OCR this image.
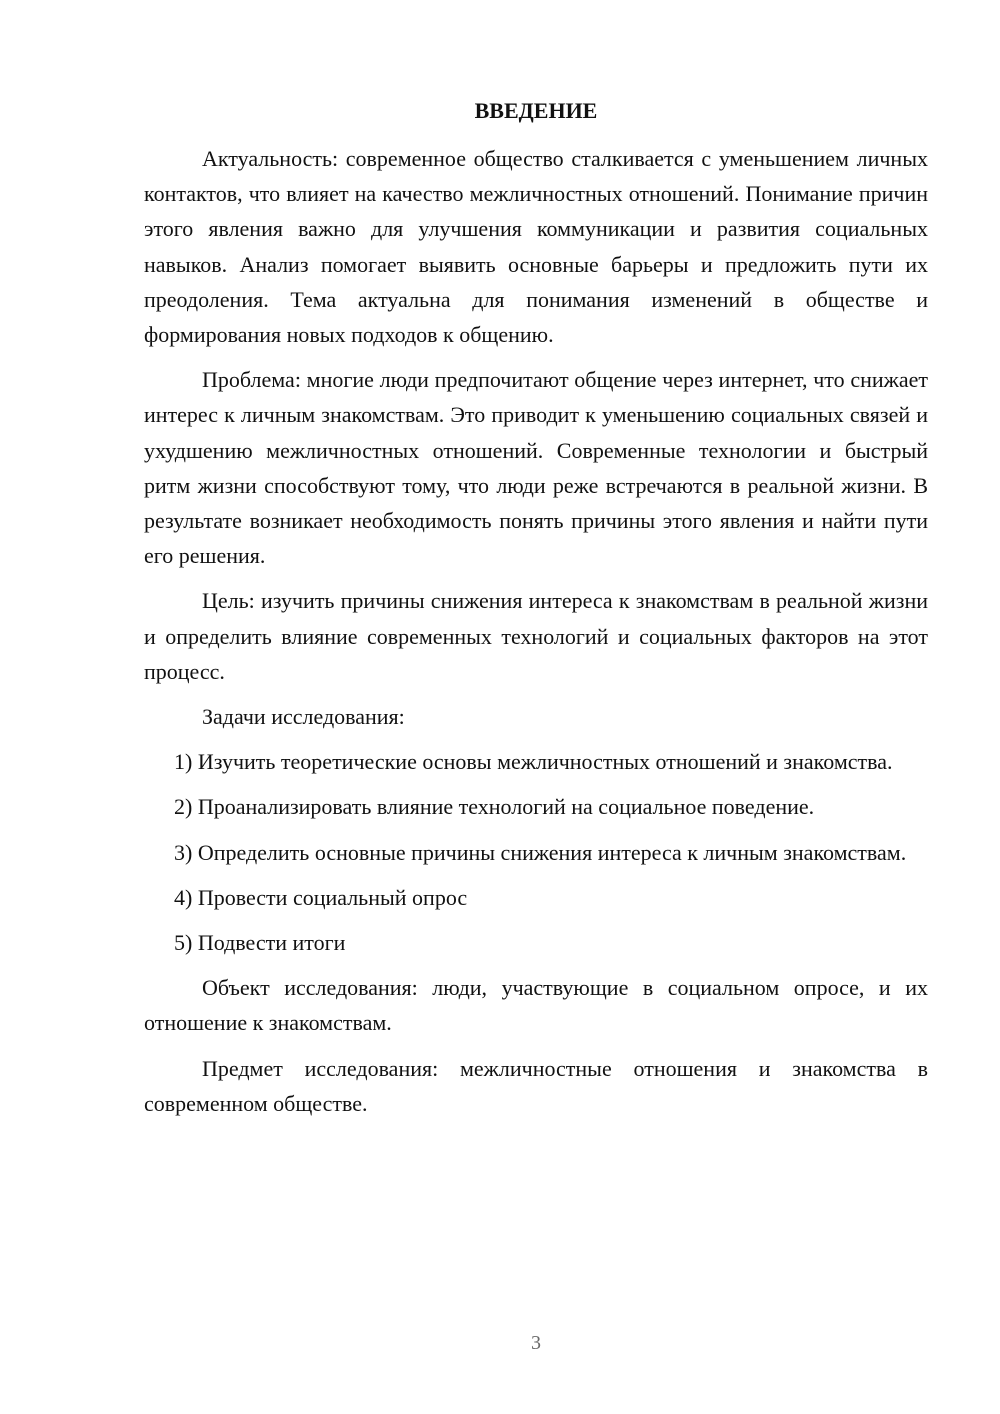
ВВЕДЕНИЕ

Актуальность: современное общество сталкивается с уменьшением личных контактов, что влияет на качество межличностных отношений. Понимание причин этого явления важно для улучшения коммуникации и развития социальных навыков. Анализ помогает выявить основные барьеры и предложить пути их преодоления. Тема актуальна для понимания изменений в обществе и формирования новых подходов к общению.

Проблема: многие люди предпочитают общение через интернет, что снижает интерес к личным знакомствам. Это приводит к уменьшению социальных связей и ухудшению межличностных отношений. Современные технологии и быстрый ритм жизни способствуют тому, что люди реже встречаются в реальной жизни. В результате возникает необходимость понять причины этого явления и найти пути его решения.

Цель: изучить причины снижения интереса к знакомствам в реальной жизни и определить влияние современных технологий и социальных факторов на этот процесс.

Задачи исследования:

1) Изучить теоретические основы межличностных отношений и знакомства.

2) Проанализировать влияние технологий на социальное поведение.

3) Определить основные причины снижения интереса к личным знакомствам.

4) Провести социальный опрос

5) Подвести итоги

Объект исследования: люди, участвующие в социальном опросе, и их отношение к знакомствам.

Предмет исследования: межличностные отношения и знакомства в современном обществе.

3
